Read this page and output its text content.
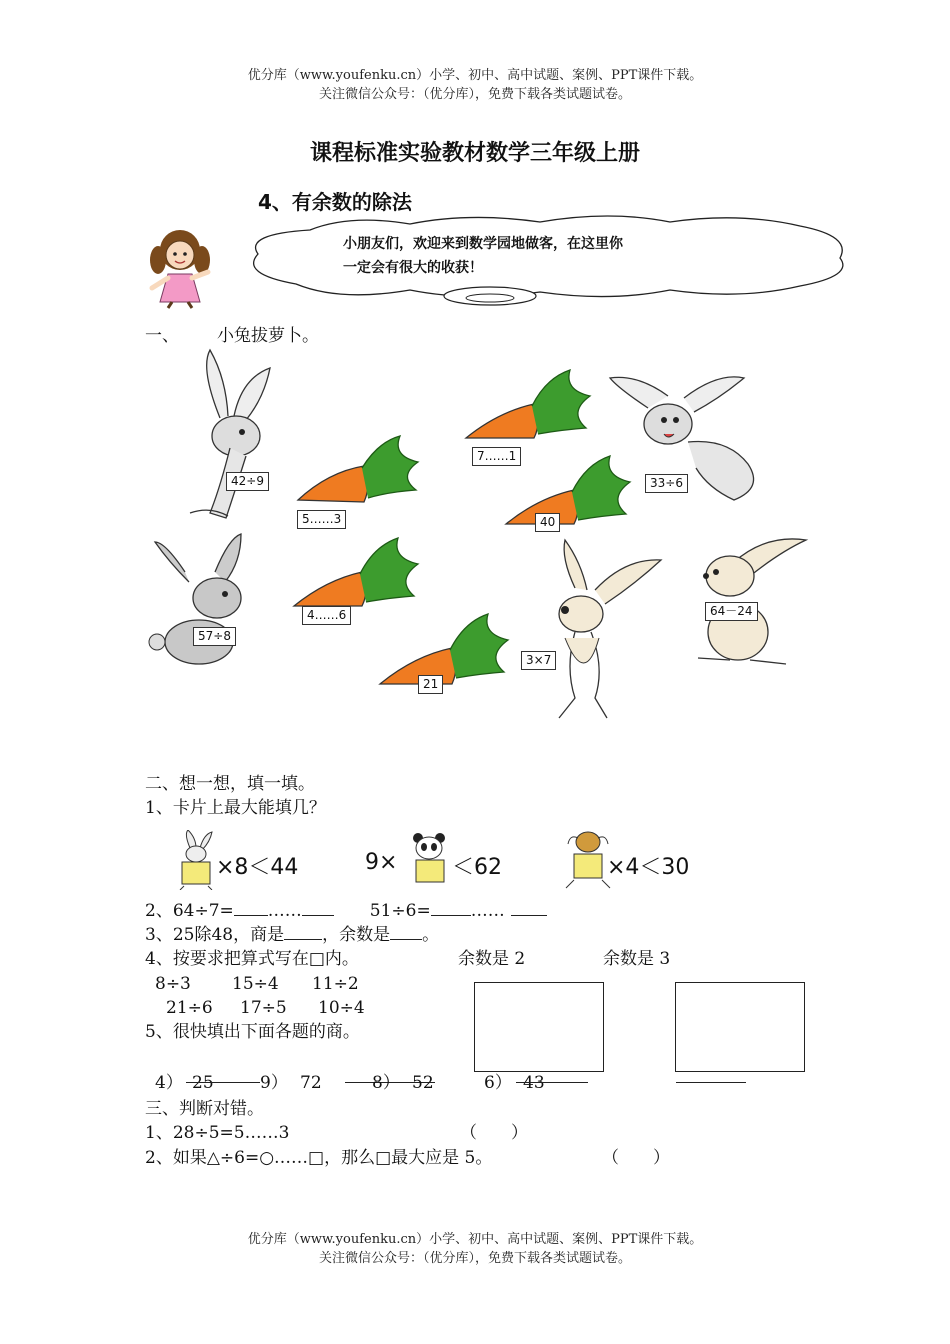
优分库（www.youfenku.cn）小学、初中、高中试题、案例、PPT课件下载。
关注微信公众号：（优分库），免费下载各类试题试卷。
课程标准实验教材数学三年级上册
4、有余数的除法
小朋友们，欢迎来到数学园地做客，在这里你
一定会有很大的收获！
一、 小兔拔萝卜。
42÷9	33÷6
57÷8
3×7
64－24
5……3
7……1
40
4……6
21
二、想一想，填一填。
1、卡片上最大能填几？
×8＜44	9× ＜62	×4＜30
2、64÷7= ……	51÷6= ……
3、25除48，商是 ，余数是 。
4、按要求把算式写在□内。	余数是 2	余数是 3
8÷3 15÷4 11÷2
21÷6 17÷5 10÷4
5、很快填出下面各题的商。
4） 25	9） 72	8） 52	6） 43
三、判断对错。
1、28÷5=5……3	（　　）
2、如果△÷6=○……□，那么□最大应是 5。	（　　）
优分库（www.youfenku.cn）小学、初中、高中试题、案例、PPT课件下载。
关注微信公众号：（优分库），免费下载各类试题试卷。
